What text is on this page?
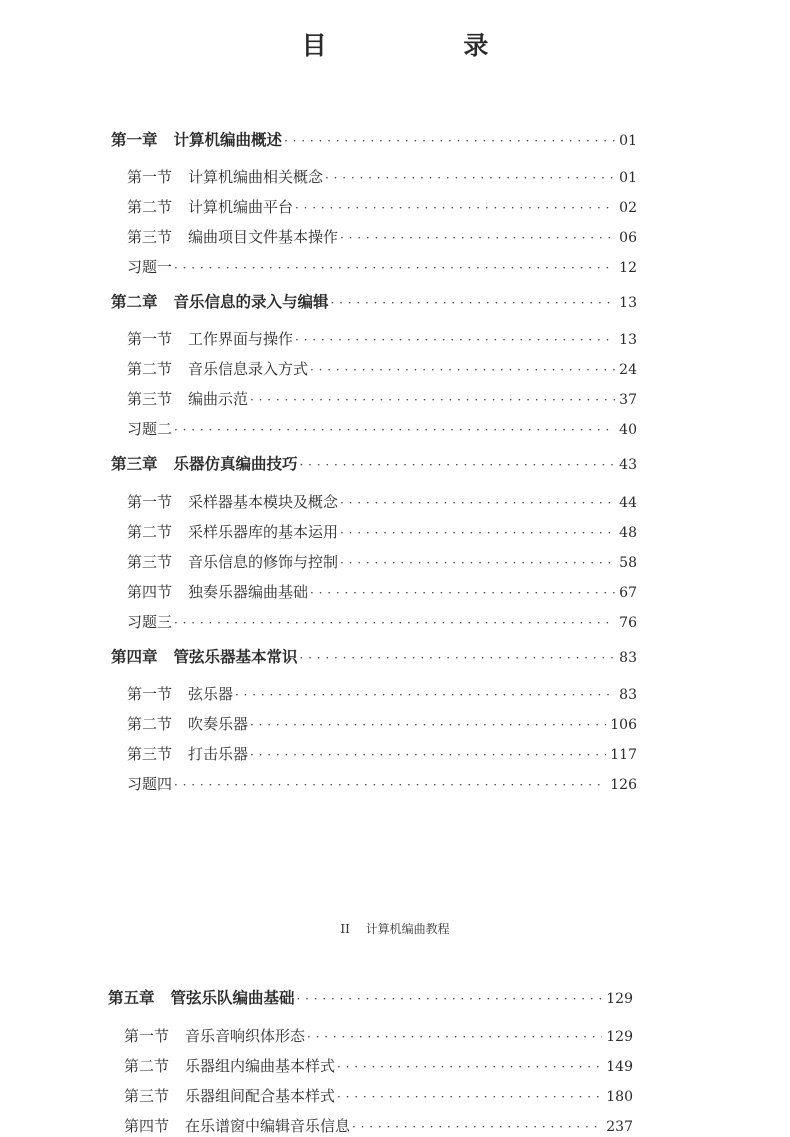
目 录
第一章 计算机编曲概述 · · ·	01
第一节 计算机编曲相关概念 · · ·	01
第二节 计算机编曲平台 · · ·	02
第三节 编曲项目文件基本操作 · · ·	06
习题一 · · ·	12
第二章 音乐信息的录入与编辑 · · ·	13
第一节 工作界面与操作 · · ·	13
第二节 音乐信息录入方式 · · ·	24
第三节 编曲示范 · · ·	37
习题二 · · ·	40
第三章 乐器仿真编曲技巧 · · ·	43
第一节 采样器基本模块及概念 · · ·	44
第二节 采样乐器库的基本运用 · · ·	48
第三节 音乐信息的修饰与控制 · · ·	58
第四节 独奏乐器编曲基础 · · ·	67
习题三 · · ·	76
第四章 管弦乐器基本常识 · · ·	83
第一节 弦乐器 · · ·	83
第二节 吹奏乐器 · · ·	106
第三节 打击乐器 · · ·	117
习题四 · · ·	126
第五章 管弦乐队编曲基础 · · ·	129
第一节 音乐音响织体形态 · · ·	129
第二节 乐器组内编曲基本样式 · · ·	149
第三节 乐器组间配合基本样式 · · ·	180
第四节 在乐谱窗中编辑音乐信息 · · ·	237
II 计算机编曲教程
